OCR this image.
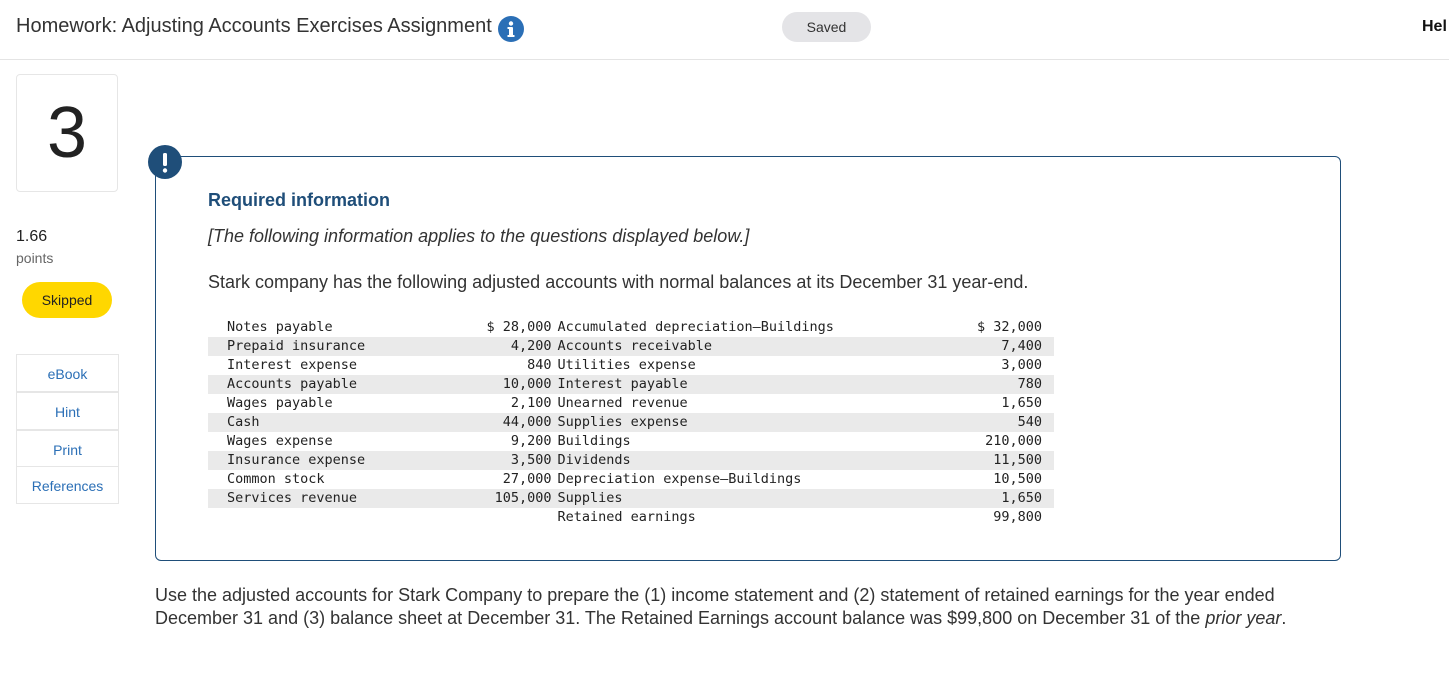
Homework: Adjusting Accounts Exercises Assignment	Saved	Hel
3
1.66
points
Skipped
eBook
Hint
Print
References
Required information
[The following information applies to the questions displayed below.]
Stark company has the following adjusted accounts with normal balances at its December 31 year-end.
Notes payable	$ 28,000	Accumulated depreciation—Buildings	$ 32,000
Prepaid insurance	4,200	Accounts receivable	7,400
Interest expense	840	Utilities expense	3,000
Accounts payable	10,000	Interest payable	780
Wages payable	2,100	Unearned revenue	1,650
Cash	44,000	Supplies expense	540
Wages expense	9,200	Buildings	210,000
Insurance expense	3,500	Dividends	11,500
Common stock	27,000	Depreciation expense—Buildings	10,500
Services revenue	105,000	Supplies	1,650
		Retained earnings	99,800
Use the adjusted accounts for Stark Company to prepare the (1) income statement and (2) statement of retained earnings for the year ended December 31 and (3) balance sheet at December 31. The Retained Earnings account balance was $99,800 on December 31 of the prior year.
